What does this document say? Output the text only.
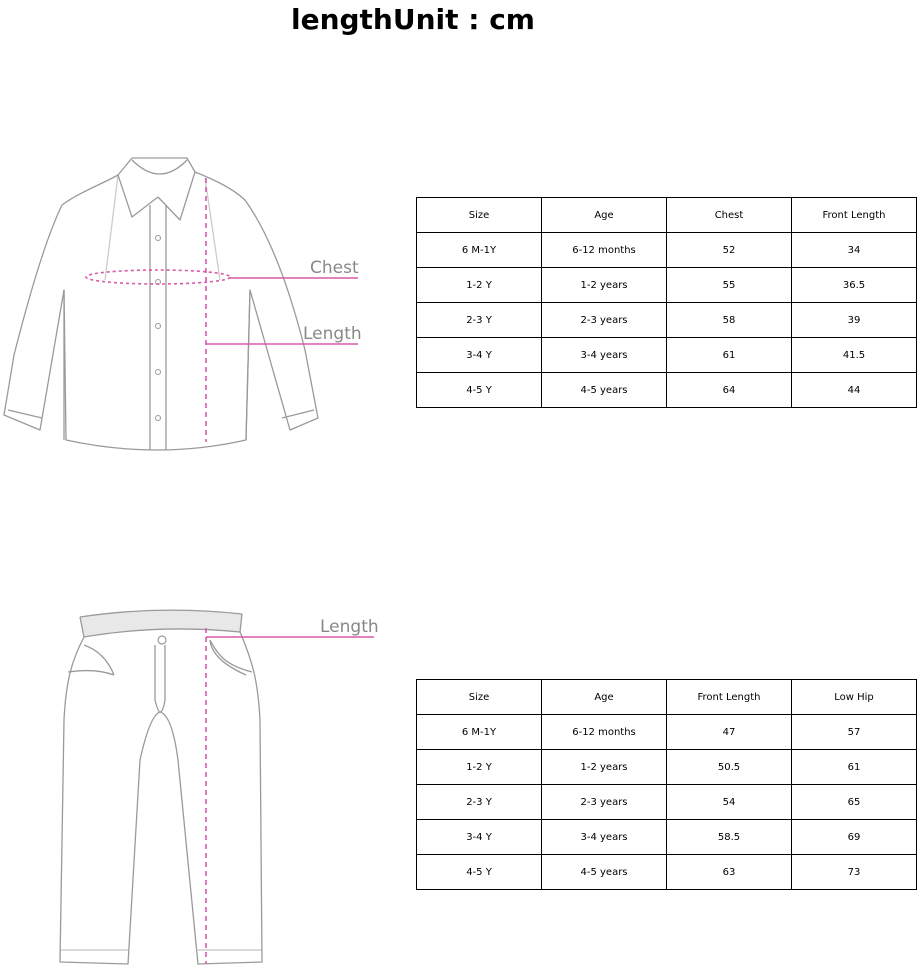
lengthUnit : cm
Chest
Length
Size	Age	Chest	Front Length
6 M-1Y	6-12 months	52	34
1-2 Y	1-2 years	55	36.5
2-3 Y	2-3 years	58	39
3-4 Y	3-4 years	61	41.5
4-5 Y	4-5 years	64	44
Length
Size	Age	Front Length	Low Hip
6 M-1Y	6-12 months	47	57
1-2 Y	1-2 years	50.5	61
2-3 Y	2-3 years	54	65
3-4 Y	3-4 years	58.5	69
4-5 Y	4-5 years	63	73
